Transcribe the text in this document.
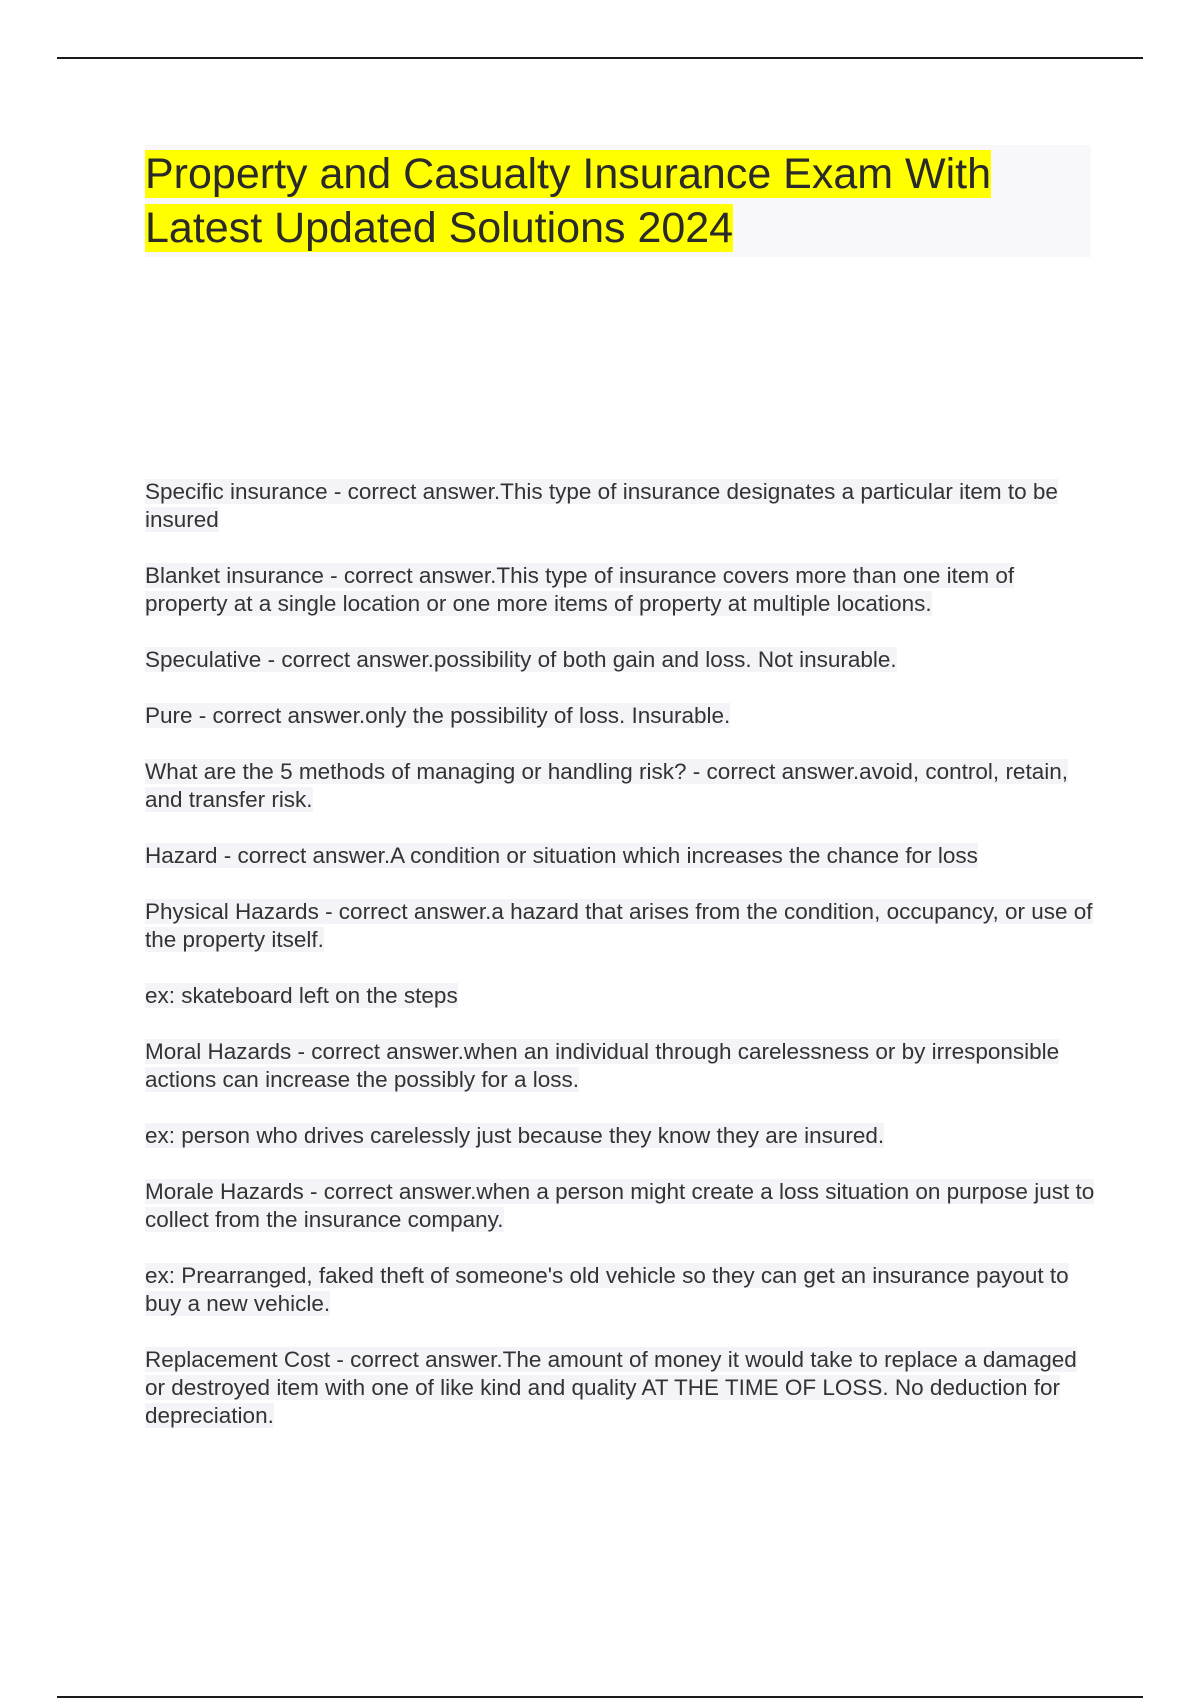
Property and Casualty Insurance Exam With Latest Updated Solutions 2024

Specific insurance - correct answer.This type of insurance designates a particular item to be insured

Blanket insurance - correct answer.This type of insurance covers more than one item of property at a single location or one more items of property at multiple locations.

Speculative - correct answer.possibility of both gain and loss. Not insurable.

Pure - correct answer.only the possibility of loss. Insurable.

What are the 5 methods of managing or handling risk? - correct answer.avoid, control, retain, and transfer risk.

Hazard - correct answer.A condition or situation which increases the chance for loss

Physical Hazards - correct answer.a hazard that arises from the condition, occupancy, or use of the property itself.

ex: skateboard left on the steps

Moral Hazards - correct answer.when an individual through carelessness or by irresponsible actions can increase the possibly for a loss.

ex: person who drives carelessly just because they know they are insured.

Morale Hazards - correct answer.when a person might create a loss situation on purpose just to collect from the insurance company.

ex: Prearranged, faked theft of someone's old vehicle so they can get an insurance payout to buy a new vehicle.

Replacement Cost - correct answer.The amount of money it would take to replace a damaged or destroyed item with one of like kind and quality AT THE TIME OF LOSS. No deduction for depreciation.
